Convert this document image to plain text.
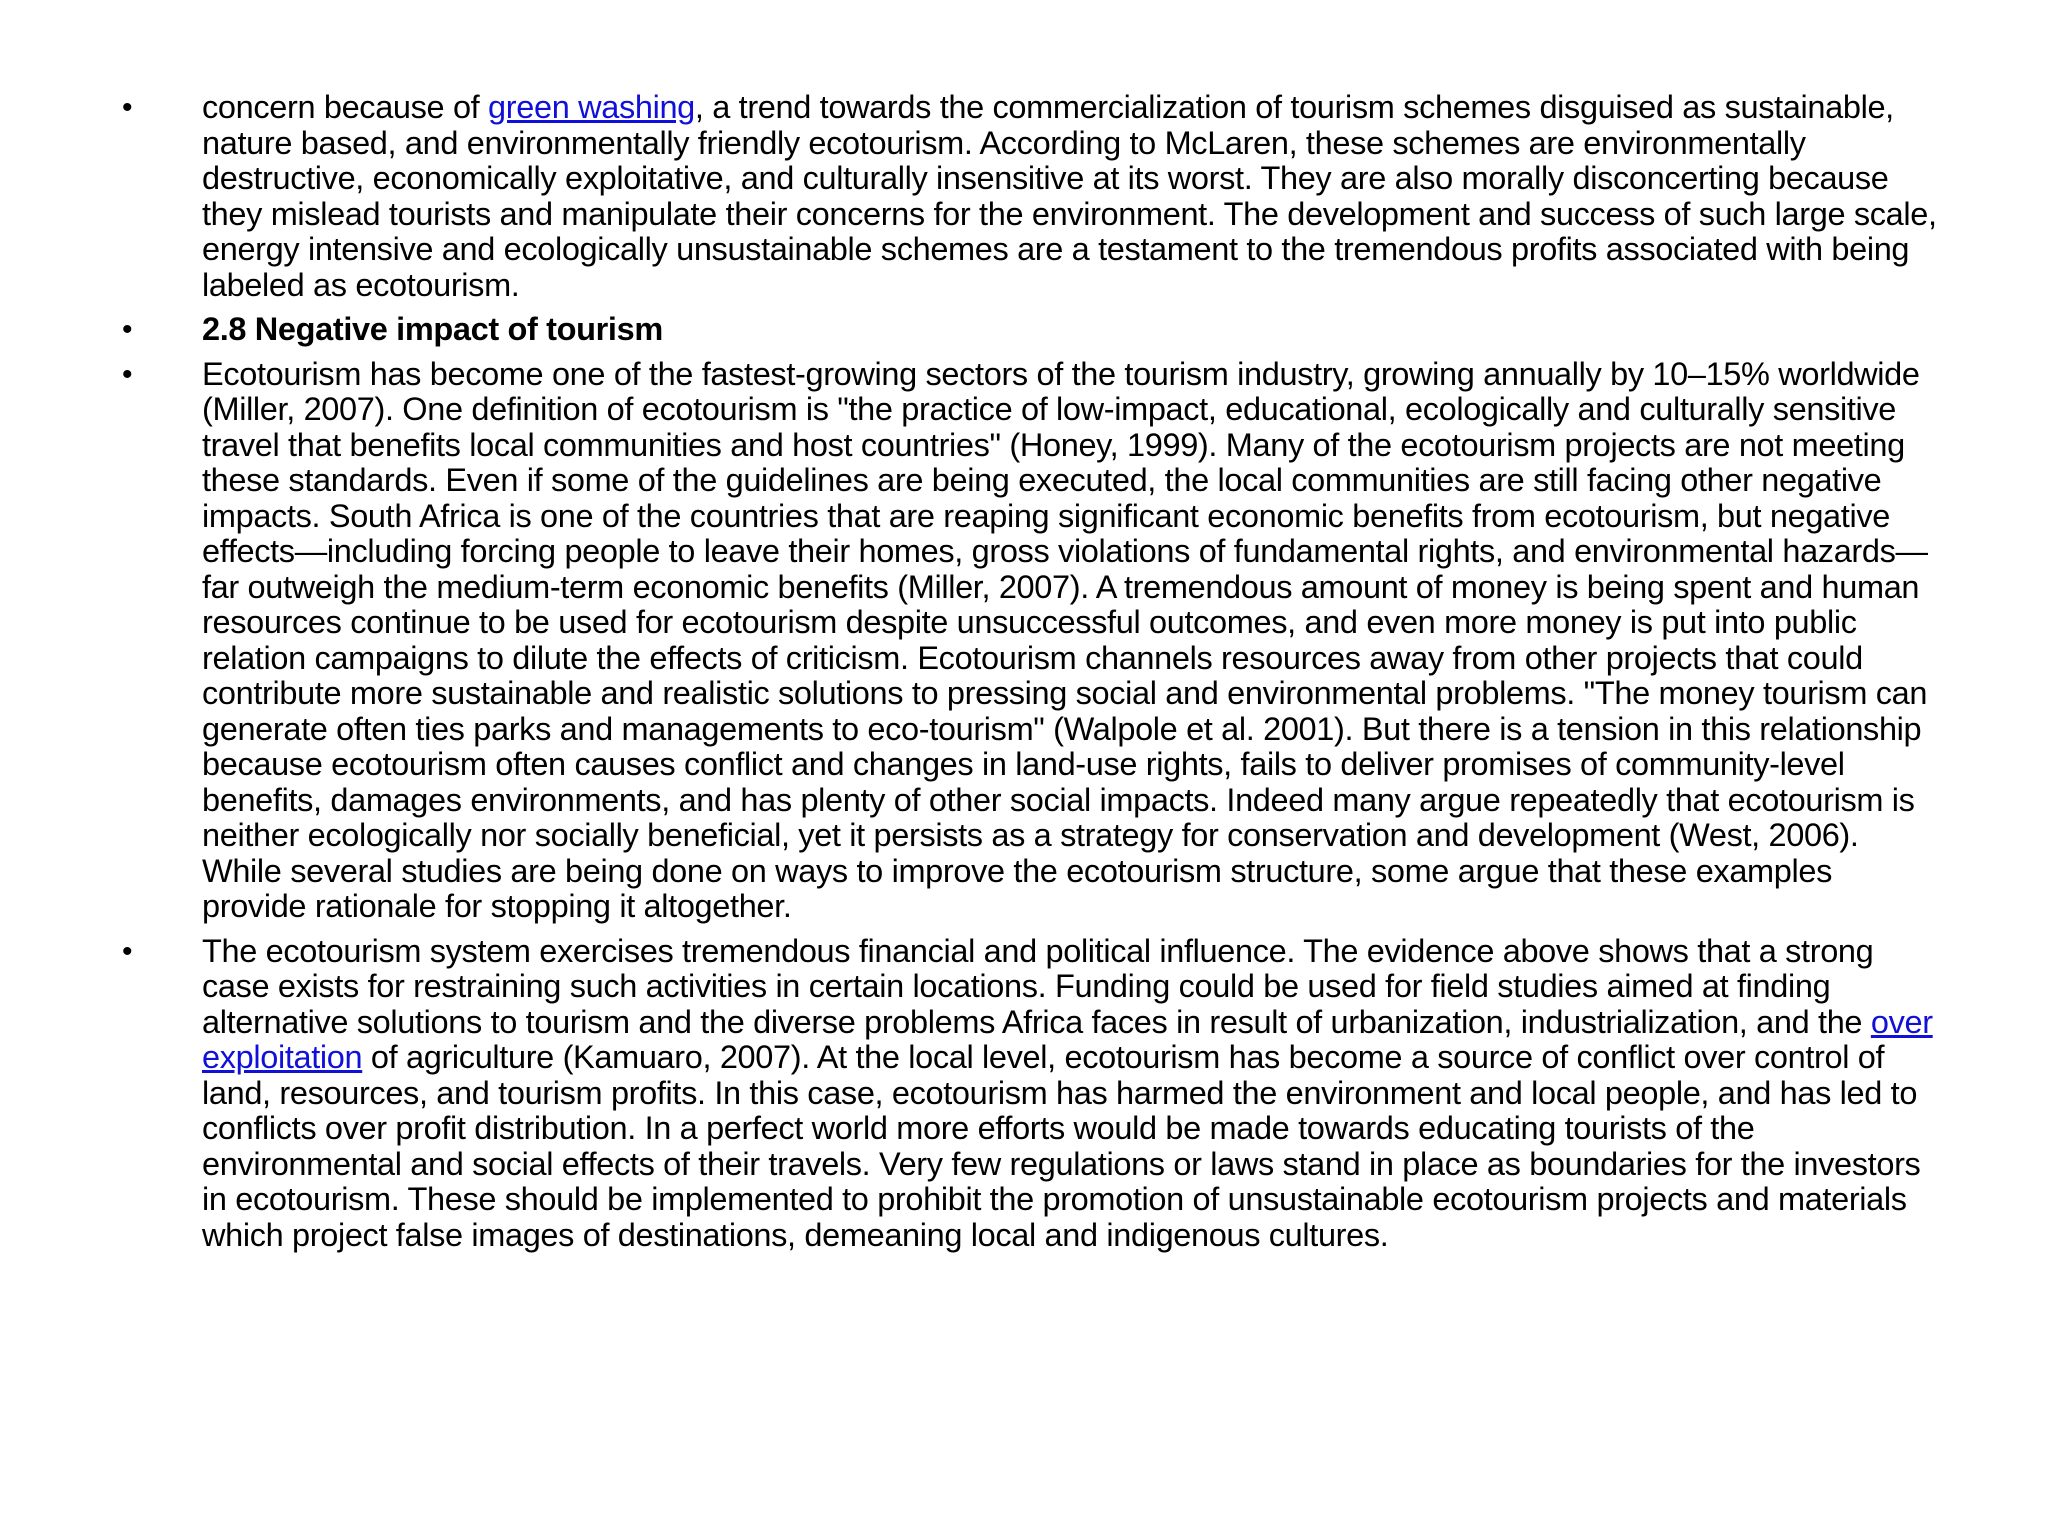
•	concern because of green washing, a trend towards the commercialization of tourism schemes disguised as sustainable, nature based, and environmentally friendly ecotourism. According to McLaren, these schemes are environmentally destructive, economically exploitative, and culturally insensitive at its worst. They are also morally disconcerting because they mislead tourists and manipulate their concerns for the environment. The development and success of such large scale, energy intensive and ecologically unsustainable schemes are a testament to the tremendous profits associated with being labeled as ecotourism.
•	2.8 Negative impact of tourism
•	Ecotourism has become one of the fastest-growing sectors of the tourism industry, growing annually by 10–15% worldwide (Miller, 2007). One definition of ecotourism is "the practice of low-impact, educational, ecologically and culturally sensitive travel that benefits local communities and host countries" (Honey, 1999). Many of the ecotourism projects are not meeting these standards. Even if some of the guidelines are being executed, the local communities are still facing other negative impacts. South Africa is one of the countries that are reaping significant economic benefits from ecotourism, but negative effects—including forcing people to leave their homes, gross violations of fundamental rights, and environmental hazards—far outweigh the medium-term economic benefits (Miller, 2007). A tremendous amount of money is being spent and human resources continue to be used for ecotourism despite unsuccessful outcomes, and even more money is put into public relation campaigns to dilute the effects of criticism. Ecotourism channels resources away from other projects that could contribute more sustainable and realistic solutions to pressing social and environmental problems. "The money tourism can generate often ties parks and managements to eco-tourism" (Walpole et al. 2001). But there is a tension in this relationship because ecotourism often causes conflict and changes in land-use rights, fails to deliver promises of community-level benefits, damages environments, and has plenty of other social impacts. Indeed many argue repeatedly that ecotourism is neither ecologically nor socially beneficial, yet it persists as a strategy for conservation and development (West, 2006). While several studies are being done on ways to improve the ecotourism structure, some argue that these examples provide rationale for stopping it altogether.
•	The ecotourism system exercises tremendous financial and political influence. The evidence above shows that a strong case exists for restraining such activities in certain locations. Funding could be used for field studies aimed at finding alternative solutions to tourism and the diverse problems Africa faces in result of urbanization, industrialization, and the over exploitation of agriculture (Kamuaro, 2007). At the local level, ecotourism has become a source of conflict over control of land, resources, and tourism profits. In this case, ecotourism has harmed the environment and local people, and has led to conflicts over profit distribution. In a perfect world more efforts would be made towards educating tourists of the environmental and social effects of their travels. Very few regulations or laws stand in place as boundaries for the investors in ecotourism. These should be implemented to prohibit the promotion of unsustainable ecotourism projects and materials which project false images of destinations, demeaning local and indigenous cultures.
